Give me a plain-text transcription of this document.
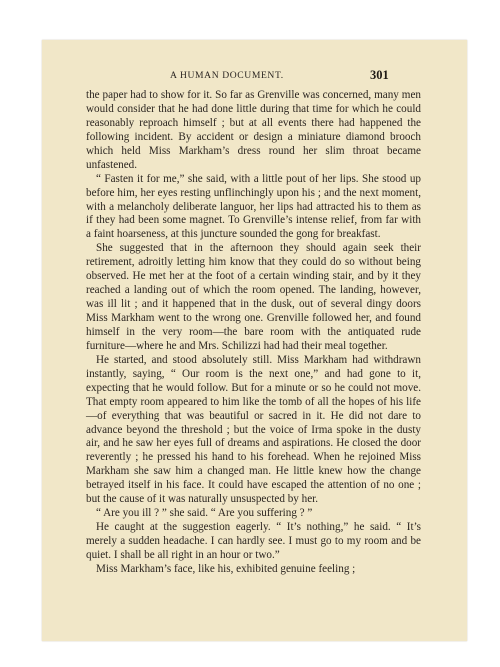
A HUMAN DOCUMENT.	301

the paper had to show for it. So far as Grenville was concerned, many men would consider that he had done little during that time for which he could reasonably reproach himself ; but at all events there had happened the following incident. By accident or design a miniature diamond brooch which held Miss Markham’s dress round her slim throat became unfastened.

“ Fasten it for me,” she said, with a little pout of her lips. She stood up before him, her eyes resting unflinchingly upon his ; and the next moment, with a melancholy deliberate languor, her lips had attracted his to them as if they had been some magnet. To Grenville’s intense relief, from far with a faint hoarseness, at this juncture sounded the gong for breakfast.

She suggested that in the afternoon they should again seek their retirement, adroitly letting him know that they could do so without being observed. He met her at the foot of a certain winding stair, and by it they reached a landing out of which the room opened. The landing, however, was ill lit ; and it happened that in the dusk, out of several dingy doors Miss Markham went to the wrong one. Grenville followed her, and found himself in the very room—the bare room with the antiquated rude furniture—where he and Mrs. Schilizzi had had their meal together.

He started, and stood absolutely still. Miss Markham had withdrawn instantly, saying, “ Our room is the next one,” and had gone to it, expecting that he would follow. But for a minute or so he could not move. That empty room appeared to him like the tomb of all the hopes of his life—of everything that was beautiful or sacred in it. He did not dare to advance beyond the threshold ; but the voice of Irma spoke in the dusty air, and he saw her eyes full of dreams and aspirations. He closed the door reverently ; he pressed his hand to his forehead. When he rejoined Miss Markham she saw him a changed man. He little knew how the change betrayed itself in his face. It could have escaped the attention of no one ; but the cause of it was naturally unsuspected by her.

“ Are you ill ? ” she said. “ Are you suffering ? ”

He caught at the suggestion eagerly. “ It’s nothing,” he said. “ It’s merely a sudden headache. I can hardly see. I must go to my room and be quiet. I shall be all right in an hour or two.”

Miss Markham’s face, like his, exhibited genuine feeling ;
